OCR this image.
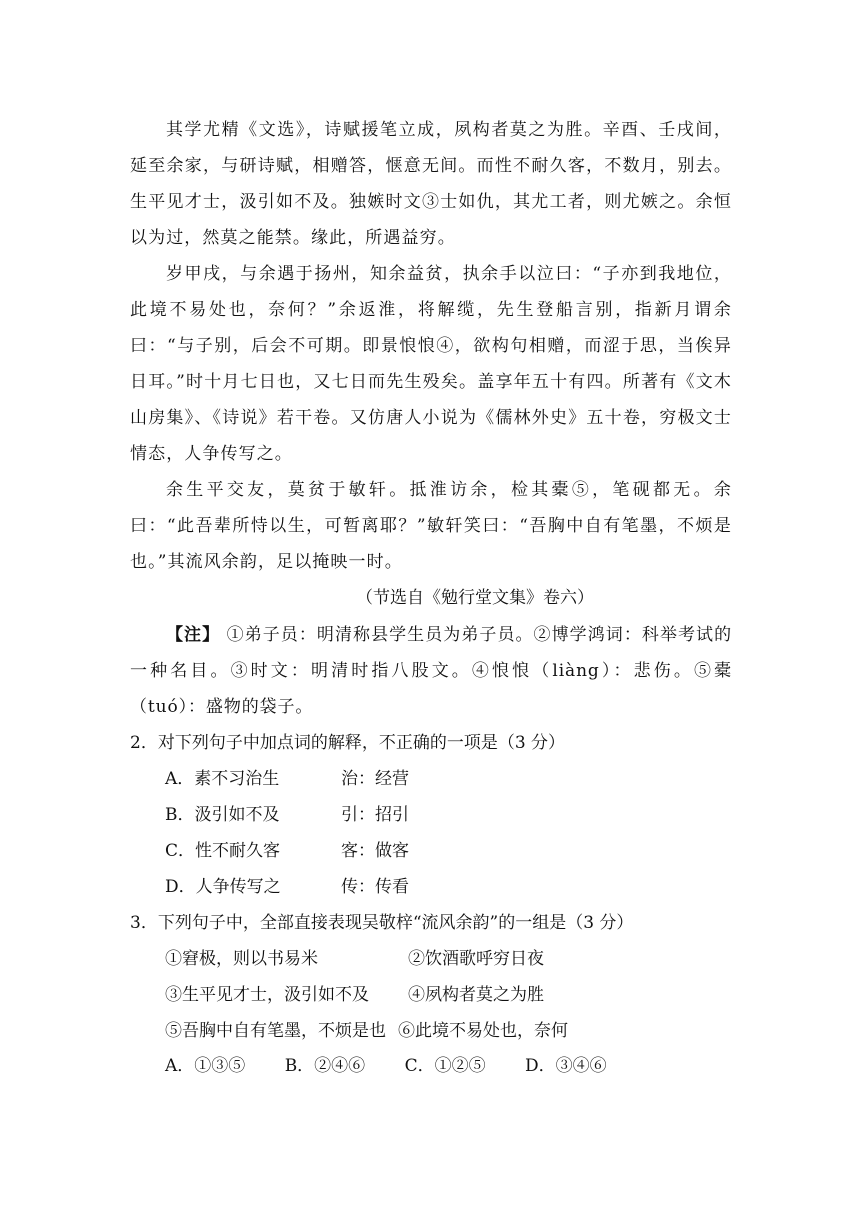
其学尤精《文选》，诗赋援笔立成，夙构者莫之为胜。辛酉、壬戌间，延至余家，与研诗赋，相赠答，惬意无间。而性不耐久客，不数月，别去。生平见才士，汲引如不及。独嫉时文③士如仇，其尤工者，则尤嫉之。余恒以为过，然莫之能禁。缘此，所遇益穷。

岁甲戌，与余遇于扬州，知余益贫，执余手以泣曰：“子亦到我地位，此境不易处也，奈何？”余返淮，将解缆，先生登船言别，指新月谓余曰：“与子别，后会不可期。即景悢悢④，欲构句相赠，而涩于思，当俟异日耳。”时十月七日也，又七日而先生殁矣。盖享年五十有四。所著有《文木山房集》、《诗说》若干卷。又仿唐人小说为《儒林外史》五十卷，穷极文士情态，人争传写之。

余生平交友，莫贫于敏轩。抵淮访余，检其橐⑤，笔砚都无。余曰：“此吾辈所恃以生，可暂离耶？”敏轩笑曰：“吾胸中自有笔墨，不烦是也。”其流风余韵，足以掩映一时。

（节选自《勉行堂文集》卷六）

【注】 ①弟子员：明清称县学生员为弟子员。②博学鸿词：科举考试的一种名目。③时文：明清时指八股文。④悢悢（liàng）：悲伤。⑤橐（tuó）：盛物的袋子。

2．对下列句子中加点词的解释，不正确的一项是（3 分）

A．素不习治生	治：经营
B．汲引如不及	引：招引
C．性不耐久客	客：做客
D．人争传写之	传：传看

3．下列句子中，全部直接表现吴敬梓“流风余韵”的一组是（3 分）

①窘极，则以书易米	②饮酒歌呼穷日夜
③生平见才士，汲引如不及 ④夙构者莫之为胜
⑤吾胸中自有笔墨，不烦是也 ⑥此境不易处也，奈何
A．①③⑤ B．②④⑥ C．①②⑤ D．③④⑥
